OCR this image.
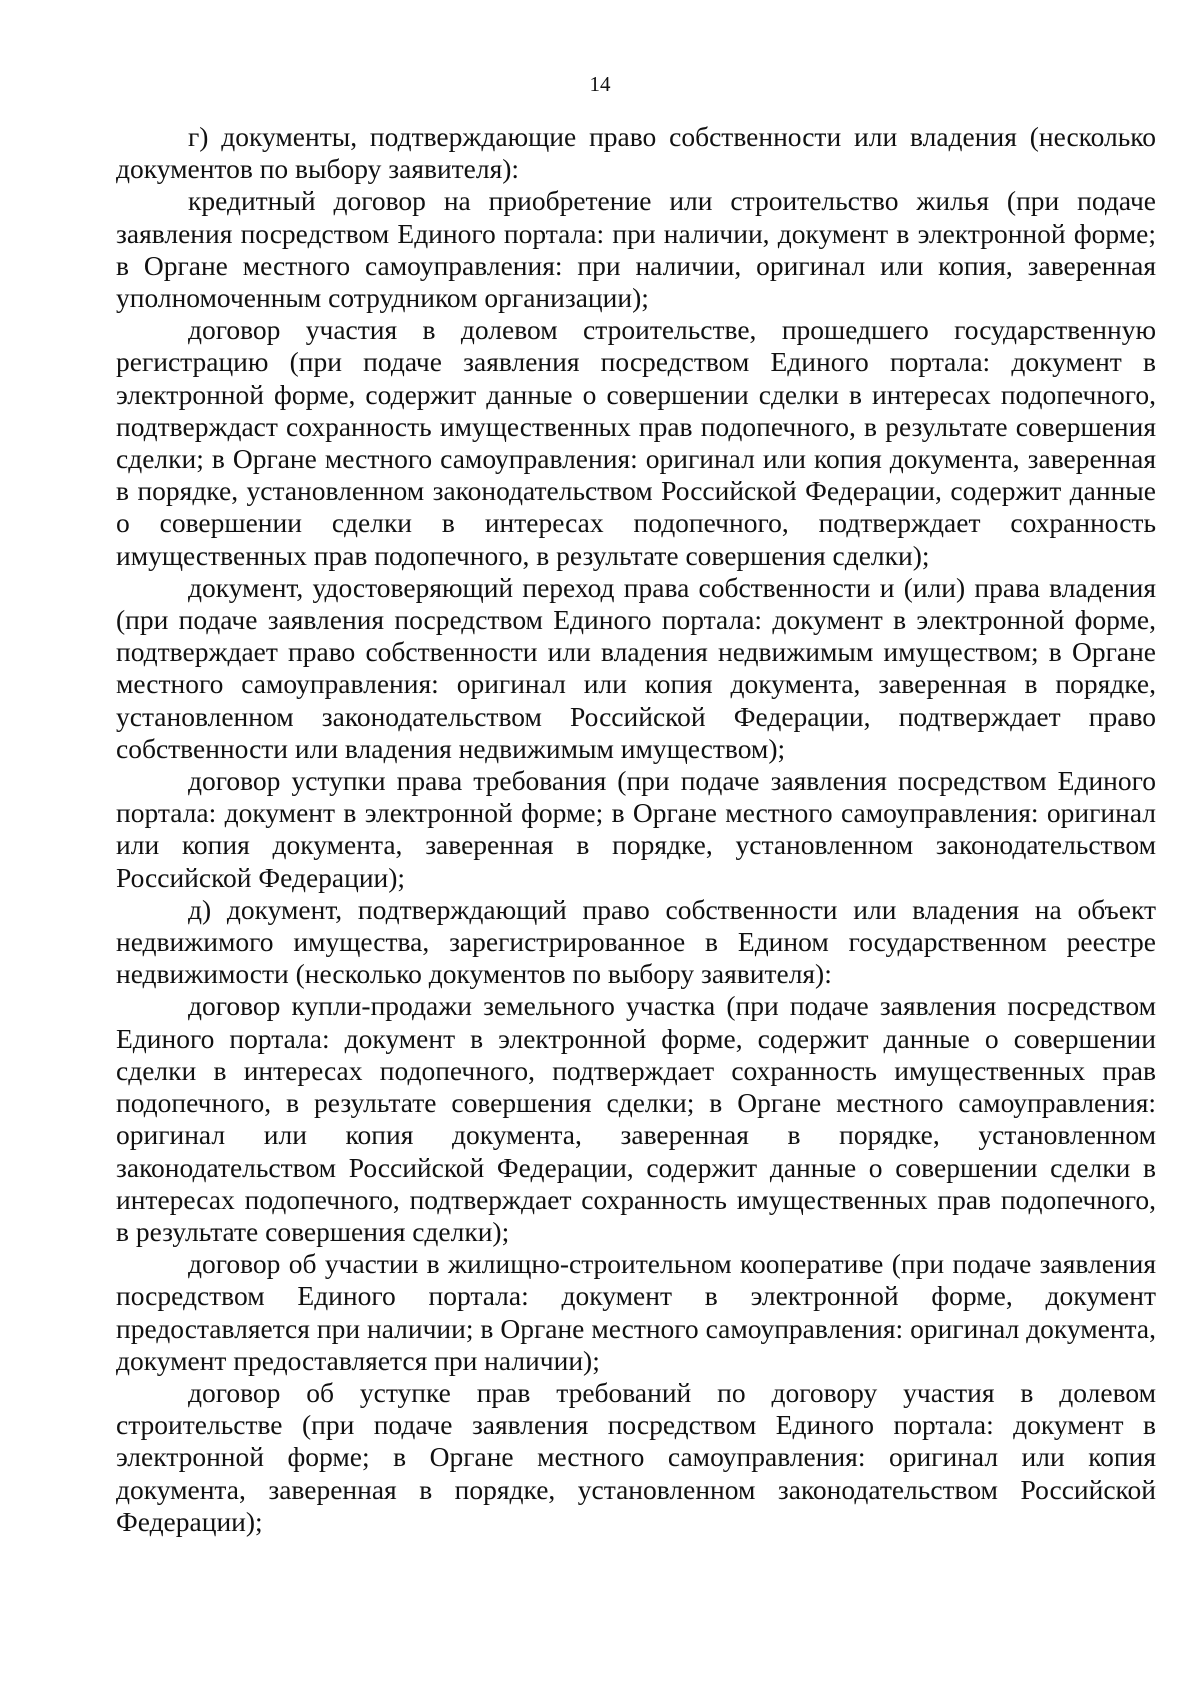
14

г) документы, подтверждающие право собственности или владения (несколько документов по выбору заявителя):

кредитный договор на приобретение или строительство жилья (при подаче заявления посредством Единого портала: при наличии, документ в электронной форме; в Органе местного самоуправления: при наличии, оригинал или копия, заверенная уполномоченным сотрудником организации);

договор участия в долевом строительстве, прошедшего государственную регистрацию (при подаче заявления посредством Единого портала: документ в электронной форме, содержит данные о совершении сделки в интересах подопечного, подтверждаст сохранность имущественных прав подопечного, в результате совершения сделки; в Органе местного самоуправления: оригинал или копия документа, заверенная в порядке, установленном законодательством Российской Федерации, содержит данные о совершении сделки в интересах подопечного, подтверждает сохранность имущественных прав подопечного, в результате совершения сделки);

документ, удостоверяющий переход права собственности и (или) права владения (при подаче заявления посредством Единого портала: документ в электронной форме, подтверждает право собственности или владения недвижимым имуществом; в Органе местного самоуправления: оригинал или копия документа, заверенная в порядке, установленном законодательством Российской Федерации, подтверждает право собственности или владения недвижимым имуществом);

договор уступки права требования (при подаче заявления посредством Единого портала: документ в электронной форме; в Органе местного самоуправления: оригинал или копия документа, заверенная в порядке, установленном законодательством Российской Федерации);

д) документ, подтверждающий право собственности или владения на объект недвижимого имущества, зарегистрированное в Едином государственном реестре недвижимости (несколько документов по выбору заявителя):

договор купли-продажи земельного участка (при подаче заявления посредством Единого портала: документ в электронной форме, содержит данные о совершении сделки в интересах подопечного, подтверждает сохранность имущественных прав подопечного, в результате совершения сделки; в Органе местного самоуправления: оригинал или копия документа, заверенная в порядке, установленном законодательством Российской Федерации, содержит данные о совершении сделки в интересах подопечного, подтверждает сохранность имущественных прав подопечного, в результате совершения сделки);

договор об участии в жилищно-строительном кооперативе (при подаче заявления посредством Единого портала: документ в электронной форме, документ предоставляется при наличии; в Органе местного самоуправления: оригинал документа, документ предоставляется при наличии);

договор об уступке прав требований по договору участия в долевом строительстве (при подаче заявления посредством Единого портала: документ в электронной форме; в Органе местного самоуправления: оригинал или копия документа, заверенная в порядке, установленном законодательством Российской Федерации);
